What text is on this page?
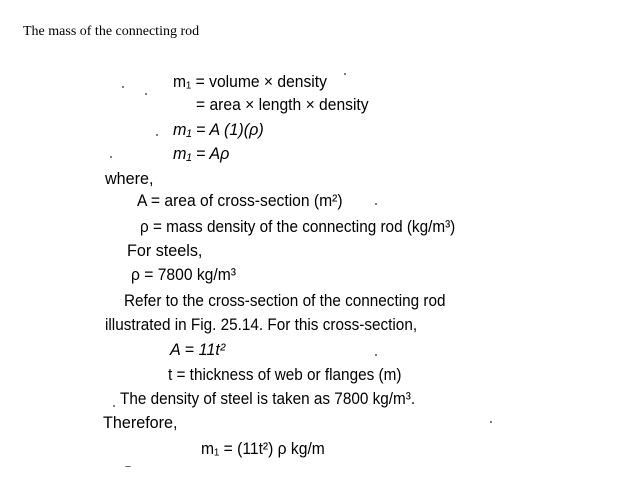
The mass of the connecting rod
m₁ = volume × density
= area × length × density
m₁ = A (1)(ρ)
m₁ = Aρ
where,
A = area of cross-section (m²)
ρ = mass density of the connecting rod (kg/m³)
For steels,
ρ = 7800 kg/m³
Refer to the cross-section of the connecting rod
illustrated in Fig. 25.14. For this cross-section,
A = 11t²
t = thickness of web or flanges (m)
The density of steel is taken as 7800 kg/m³.
Therefore,
m₁ = (11t²) ρ kg/m
